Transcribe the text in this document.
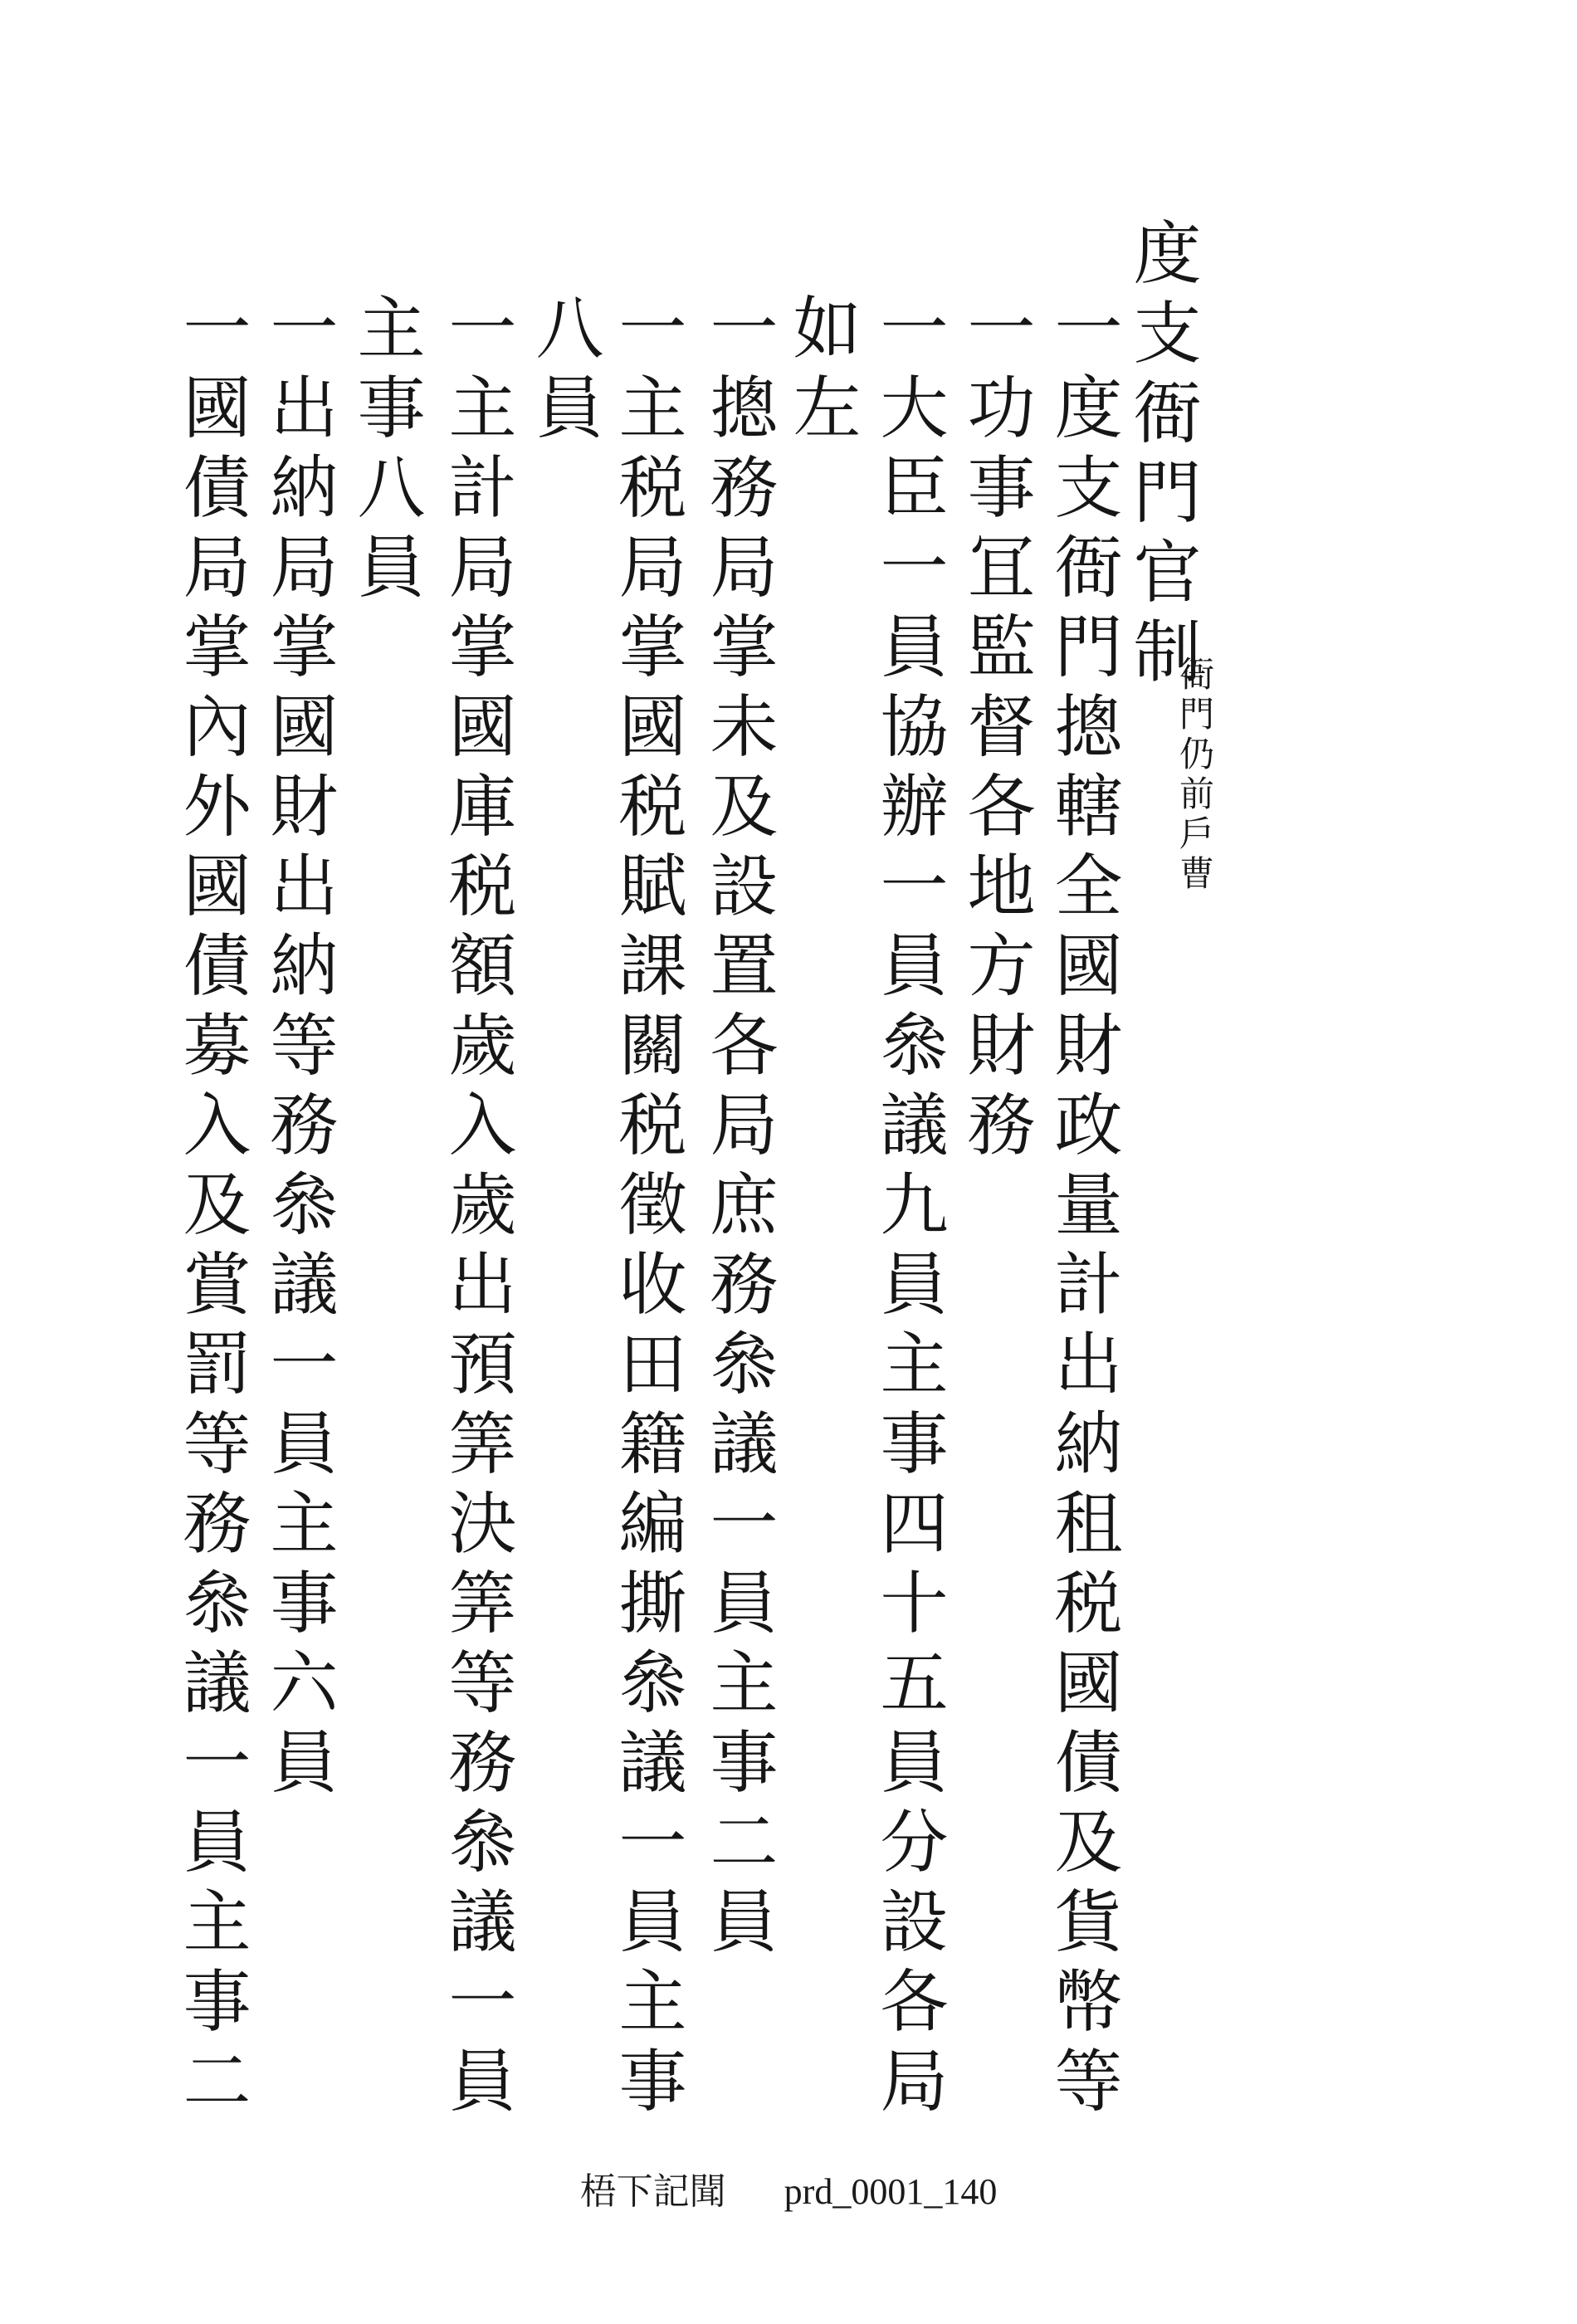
度支衙門官制
衙門仍前戶曹
一度支衙門摠轄全國財政量計出納租税國債及貨幣等
一功事冝監督各地方財務
一大臣一員協辦一員叅議九員主事四十五員分設各局
如左
一摠務局掌未及設置各局庶務叅議一員主事二員
一主税局掌國税賦課關税徵收田籍編撕叅議一員主事
八員
一主計局掌國庫税額歲入歲出預筭決筭等務叅議一員
主事八員
一出納局掌國財出納等務叅議一員主事六員
一國債局掌內外國債募入及賞罰等務叅議一員主事二
梧下記聞 prd_0001_140
